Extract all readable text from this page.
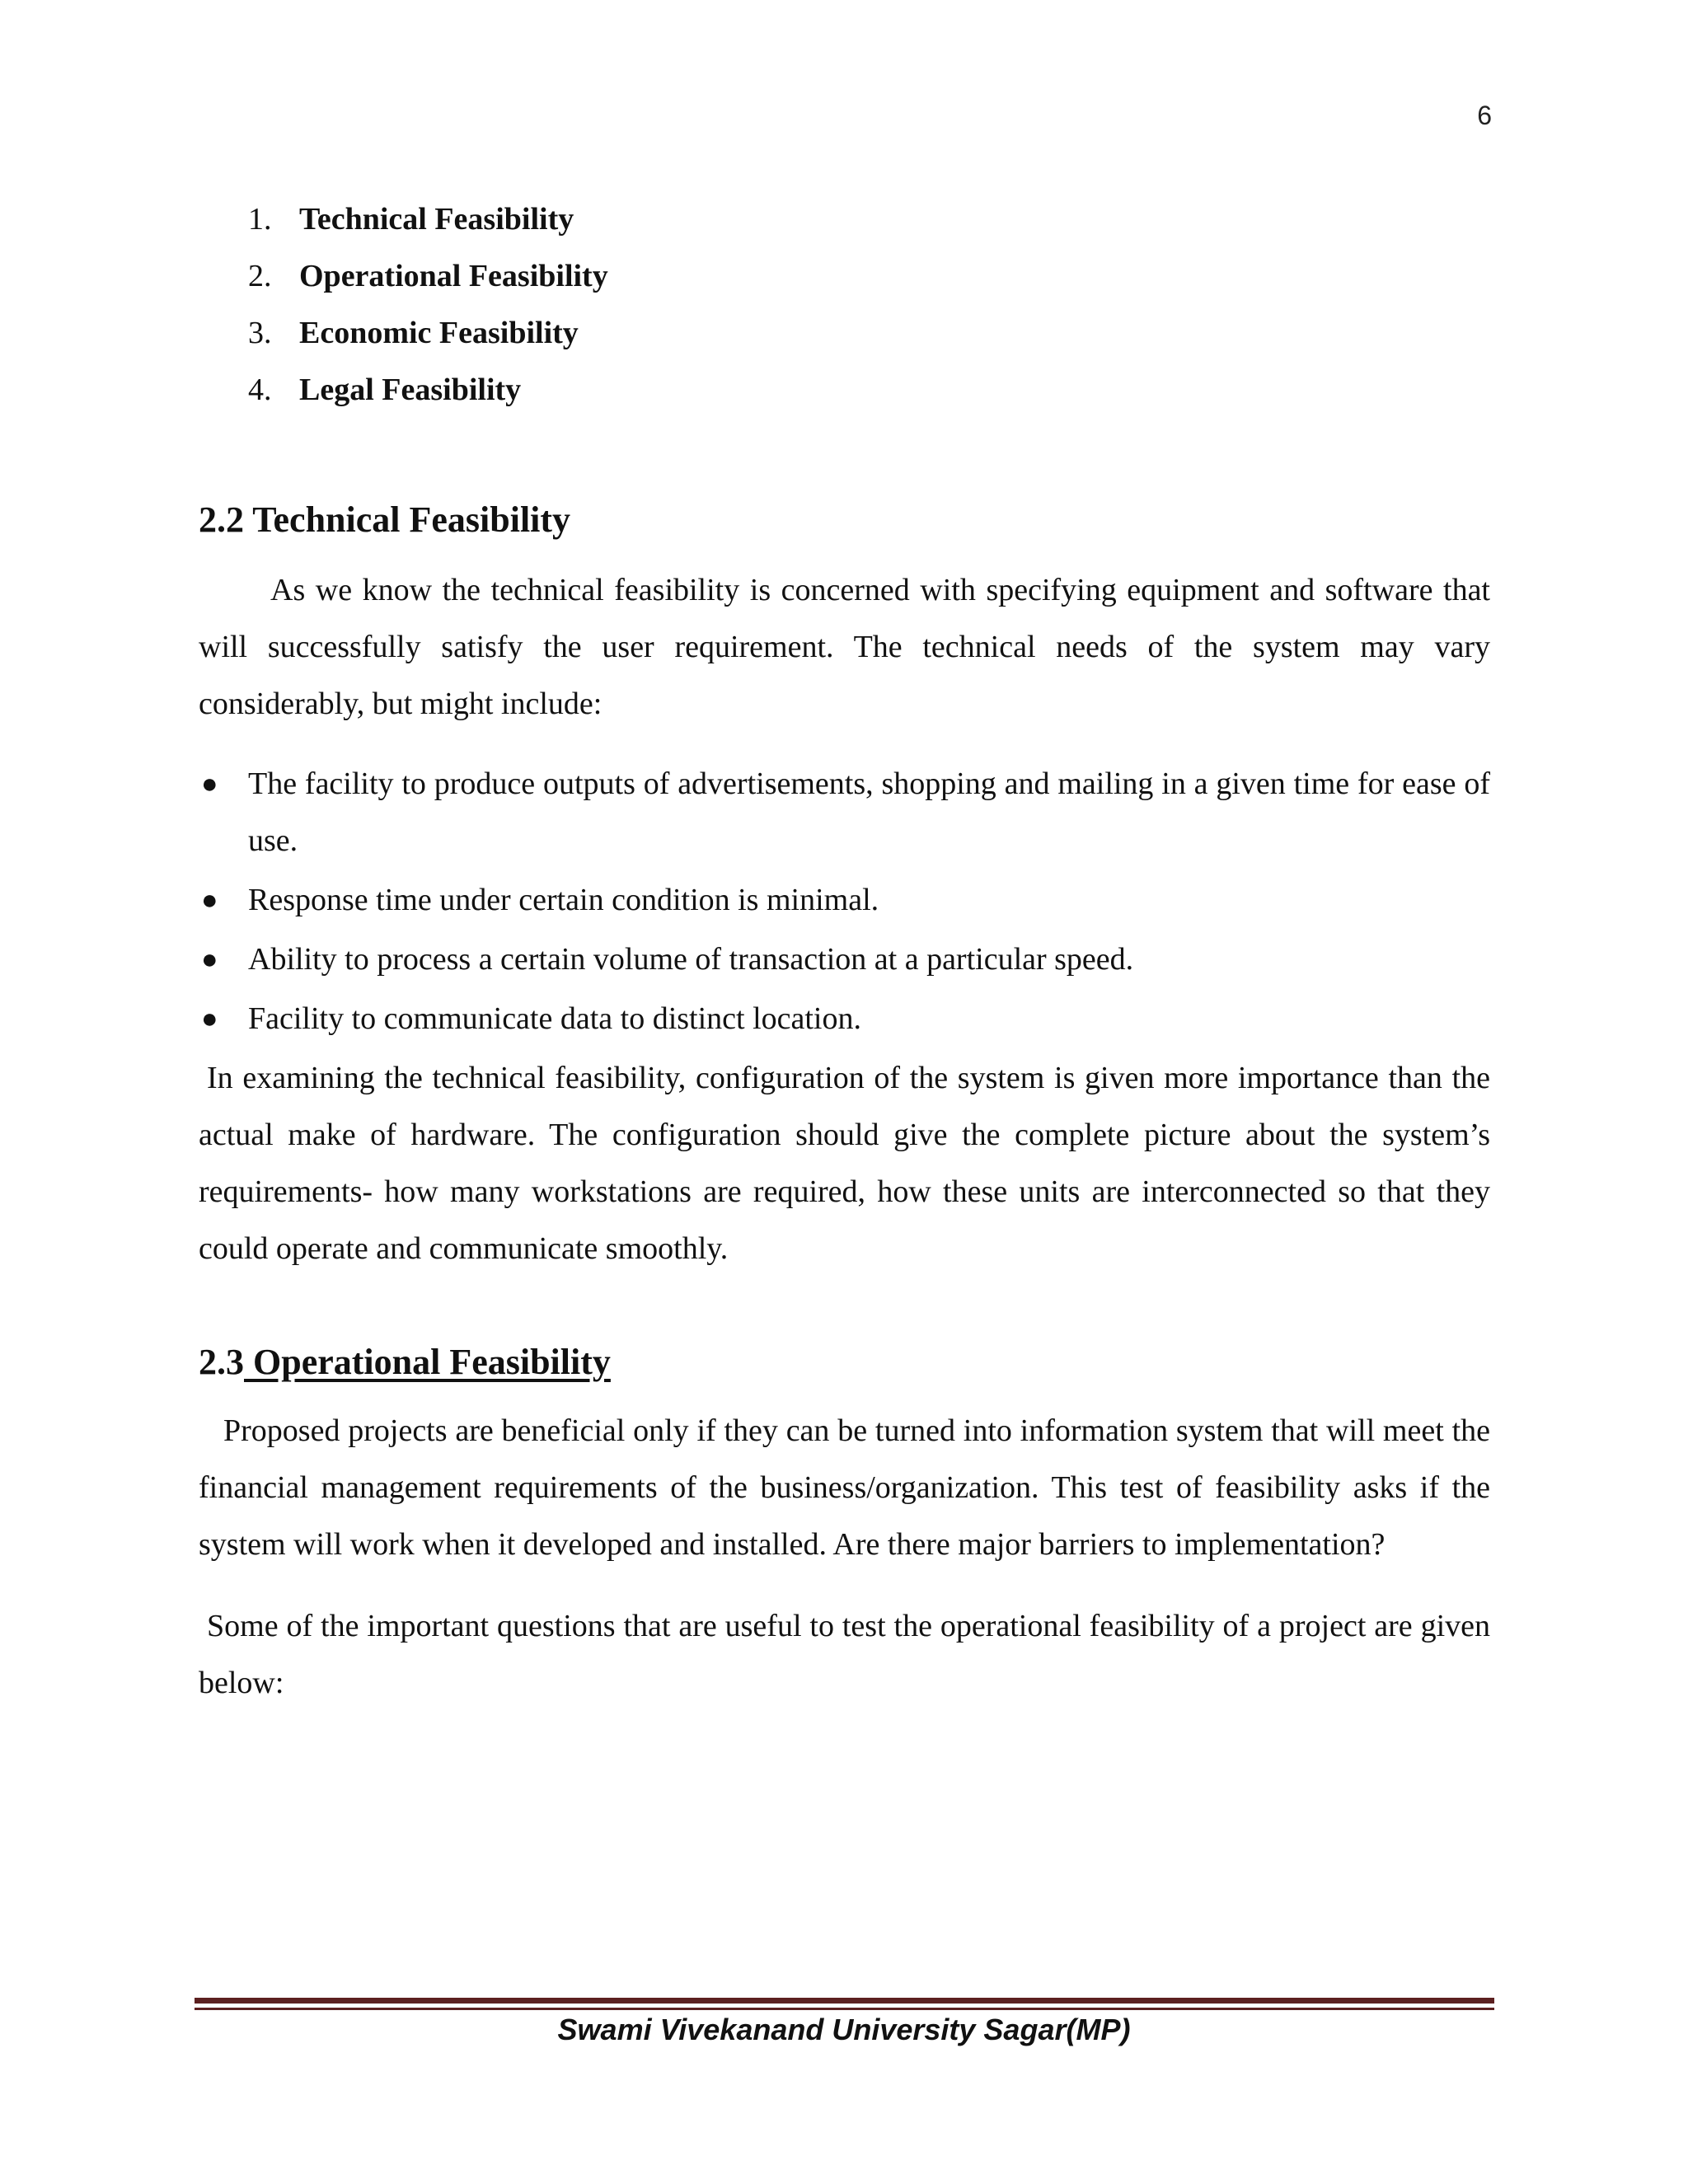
6
1. Technical Feasibility
2. Operational Feasibility
3. Economic Feasibility
4. Legal Feasibility
2.2 Technical Feasibility

As we know the technical feasibility is concerned with specifying equipment and software that will successfully satisfy the user requirement. The technical needs of the system may vary considerably, but might include:

● The facility to produce outputs of advertisements, shopping and mailing in a given time for ease of use.
● Response time under certain condition is minimal.
● Ability to process a certain volume of transaction at a particular speed.
● Facility to communicate data to distinct location.

In examining the technical feasibility, configuration of the system is given more importance than the actual make of hardware. The configuration should give the complete picture about the system’s requirements- how many workstations are required, how these units are interconnected so that they could operate and communicate smoothly.

2.3 Operational Feasibility

Proposed projects are beneficial only if they can be turned into information system that will meet the financial management requirements of the business/organization. This test of feasibility asks if the system will work when it developed and installed. Are there major barriers to implementation?

Some of the important questions that are useful to test the operational feasibility of a project are given below:

Swami Vivekanand University Sagar(MP)
